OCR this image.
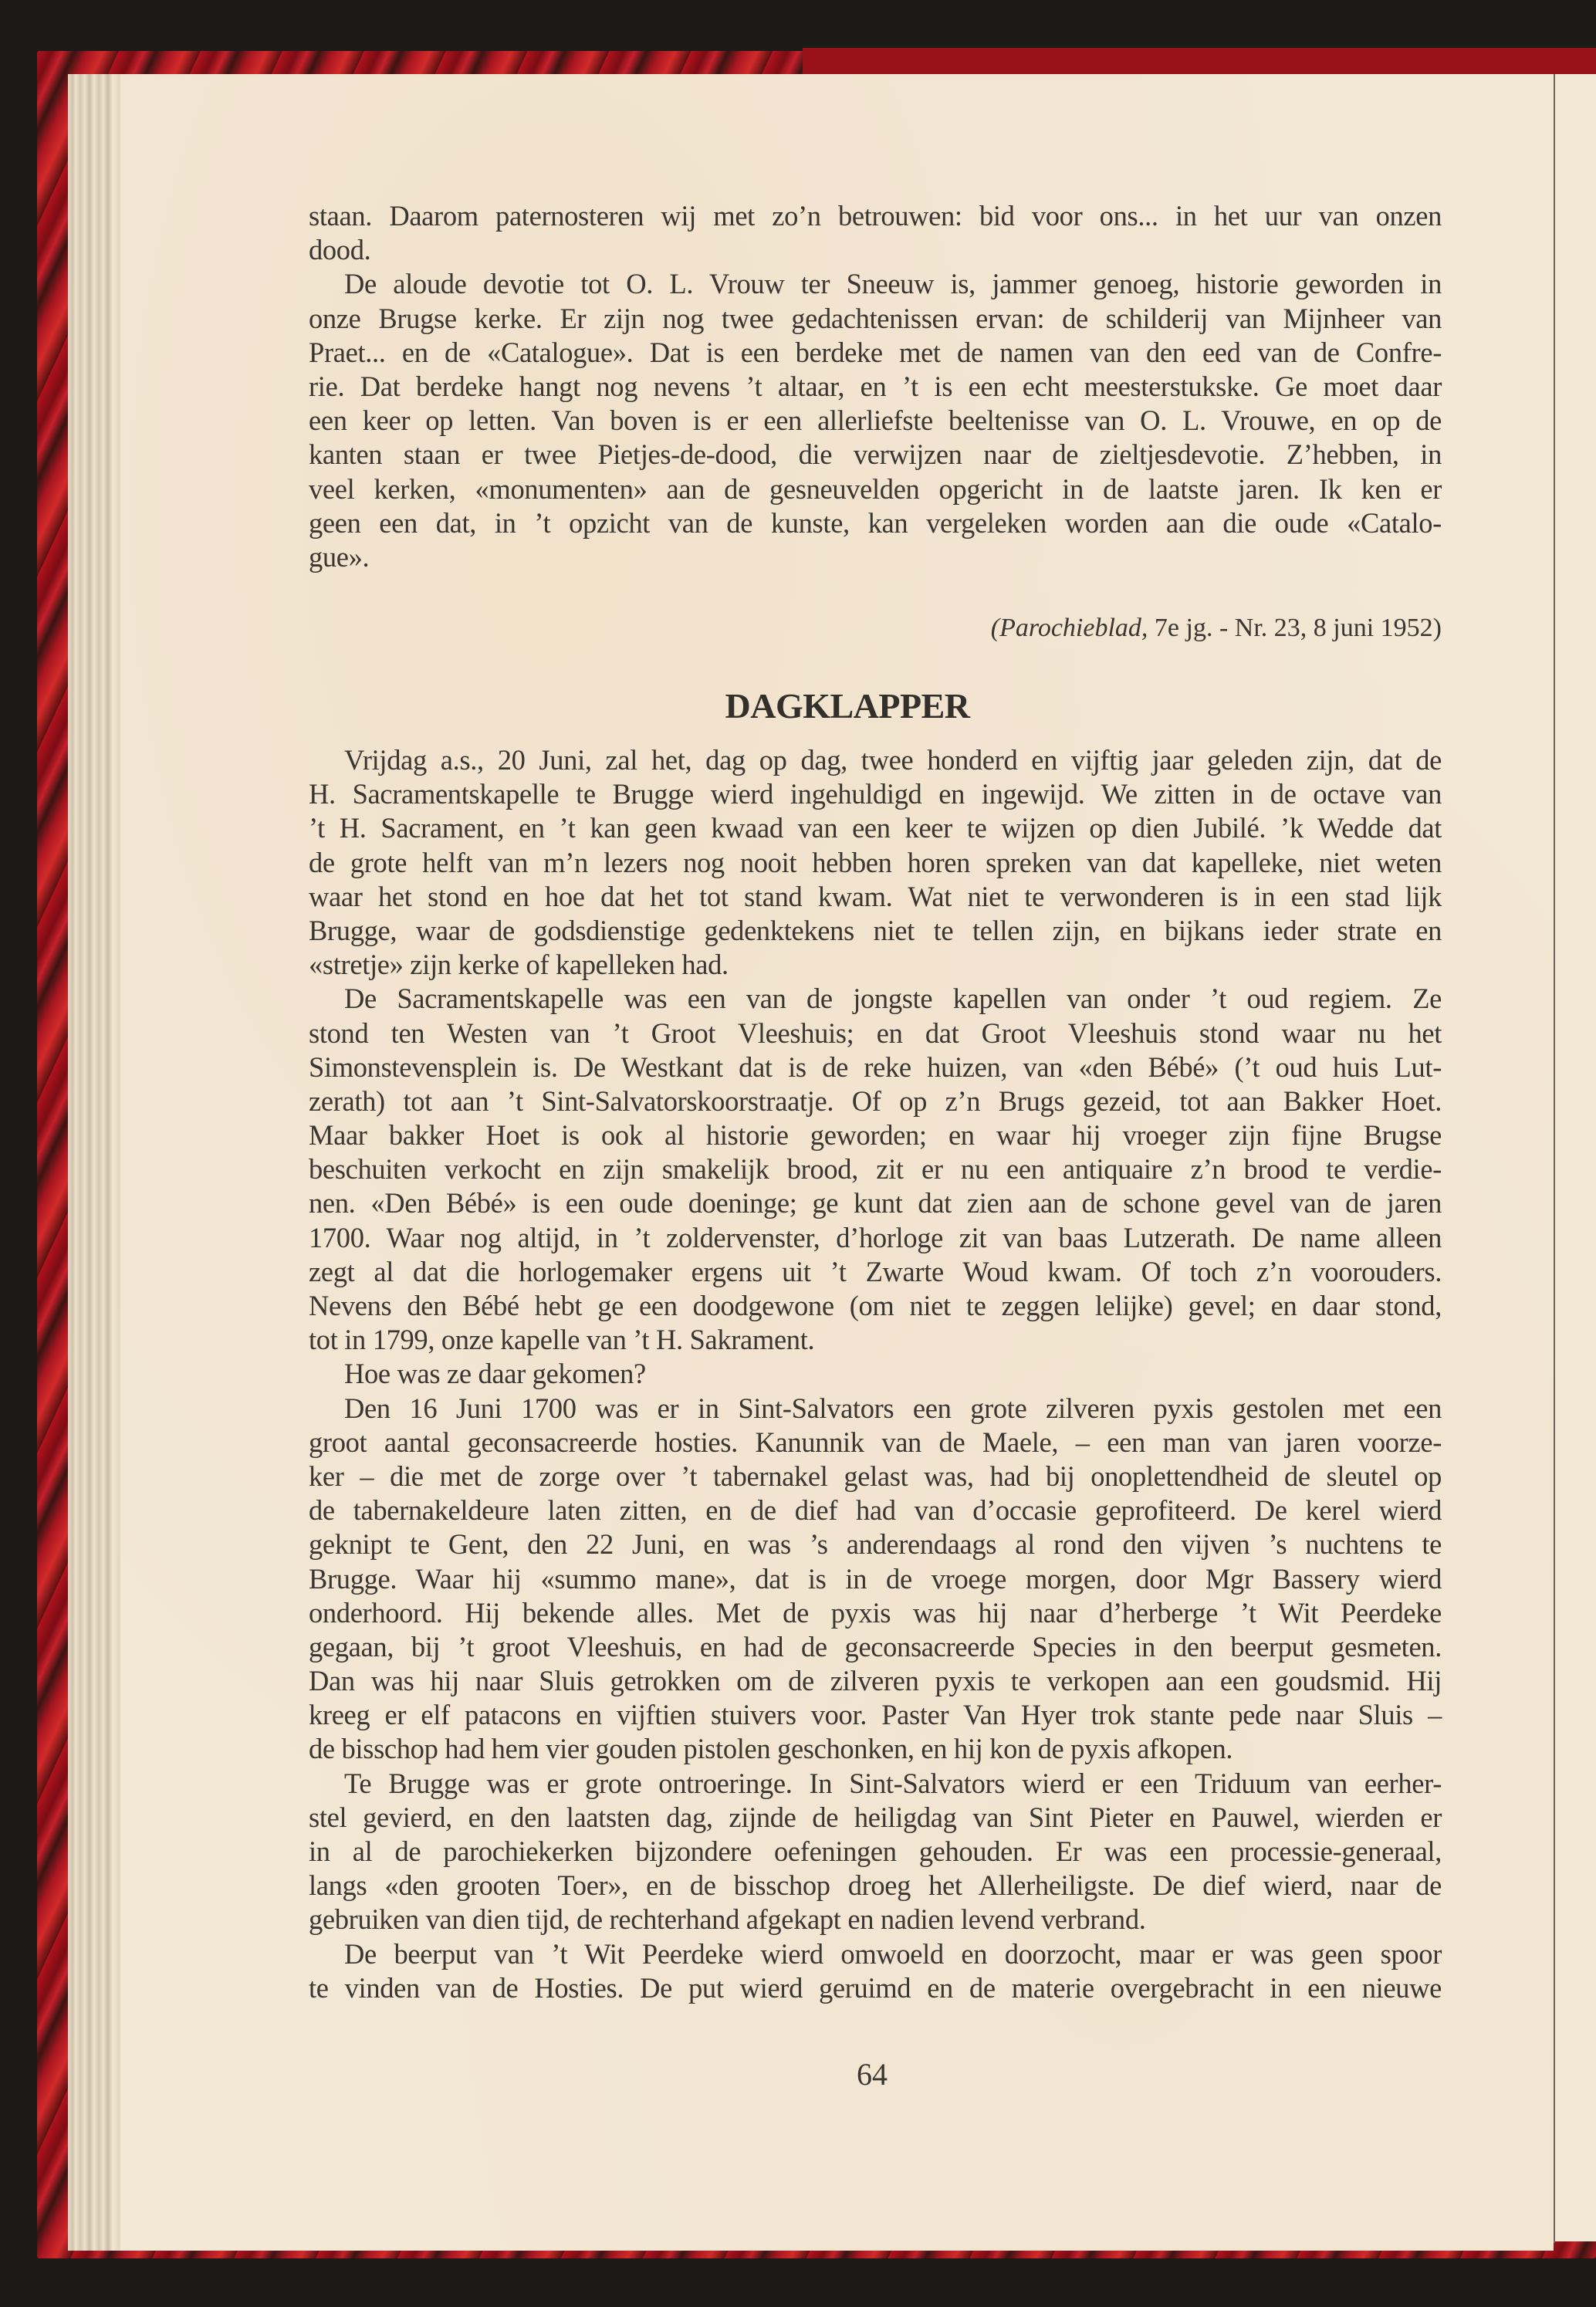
staan. Daarom paternosteren wij met zo’n betrouwen: bid voor ons... in het uur van onzen
dood.
De aloude devotie tot O. L. Vrouw ter Sneeuw is, jammer genoeg, historie geworden in
onze Brugse kerke. Er zijn nog twee gedachtenissen ervan: de schilderij van Mijnheer van
Praet... en de «Catalogue». Dat is een berdeke met de namen van den eed van de Confre-
rie. Dat berdeke hangt nog nevens ’t altaar, en ’t is een echt meesterstukske. Ge moet daar
een keer op letten. Van boven is er een allerliefste beeltenisse van O. L. Vrouwe, en op de
kanten staan er twee Pietjes-de-dood, die verwijzen naar de zieltjesdevotie. Z’hebben, in
veel kerken, «monumenten» aan de gesneuvelden opgericht in de laatste jaren. Ik ken er
geen een dat, in ’t opzicht van de kunste, kan vergeleken worden aan die oude «Catalo-
gue».
(Parochieblad, 7e jg. - Nr. 23, 8 juni 1952)
DAGKLAPPER
Vrijdag a.s., 20 Juni, zal het, dag op dag, twee honderd en vijftig jaar geleden zijn, dat de
H. Sacramentskapelle te Brugge wierd ingehuldigd en ingewijd. We zitten in de octave van
’t H. Sacrament, en ’t kan geen kwaad van een keer te wijzen op dien Jubilé. ’k Wedde dat
de grote helft van m’n lezers nog nooit hebben horen spreken van dat kapelleke, niet weten
waar het stond en hoe dat het tot stand kwam. Wat niet te verwonderen is in een stad lijk
Brugge, waar de godsdienstige gedenktekens niet te tellen zijn, en bijkans ieder strate en
«stretje» zijn kerke of kapelleken had.
De Sacramentskapelle was een van de jongste kapellen van onder ’t oud regiem. Ze
stond ten Westen van ’t Groot Vleeshuis; en dat Groot Vleeshuis stond waar nu het
Simonstevensplein is. De Westkant dat is de reke huizen, van «den Bébé» (’t oud huis Lut-
zerath) tot aan ’t Sint-Salvatorskoorstraatje. Of op z’n Brugs gezeid, tot aan Bakker Hoet.
Maar bakker Hoet is ook al historie geworden; en waar hij vroeger zijn fijne Brugse
beschuiten verkocht en zijn smakelijk brood, zit er nu een antiquaire z’n brood te verdie-
nen. «Den Bébé» is een oude doeninge; ge kunt dat zien aan de schone gevel van de jaren
1700. Waar nog altijd, in ’t zoldervenster, d’horloge zit van baas Lutzerath. De name alleen
zegt al dat die horlogemaker ergens uit ’t Zwarte Woud kwam. Of toch z’n voorouders.
Nevens den Bébé hebt ge een doodgewone (om niet te zeggen lelijke) gevel; en daar stond,
tot in 1799, onze kapelle van ’t H. Sakrament.
Hoe was ze daar gekomen?
Den 16 Juni 1700 was er in Sint-Salvators een grote zilveren pyxis gestolen met een
groot aantal geconsacreerde hosties. Kanunnik van de Maele, – een man van jaren voorze-
ker – die met de zorge over ’t tabernakel gelast was, had bij onoplettendheid de sleutel op
de tabernakeldeure laten zitten, en de dief had van d’occasie geprofiteerd. De kerel wierd
geknipt te Gent, den 22 Juni, en was ’s anderendaags al rond den vijven ’s nuchtens te
Brugge. Waar hij «summo mane», dat is in de vroege morgen, door Mgr Bassery wierd
onderhoord. Hij bekende alles. Met de pyxis was hij naar d’herberge ’t Wit Peerdeke
gegaan, bij ’t groot Vleeshuis, en had de geconsacreerde Species in den beerput gesmeten.
Dan was hij naar Sluis getrokken om de zilveren pyxis te verkopen aan een goudsmid. Hij
kreeg er elf patacons en vijftien stuivers voor. Paster Van Hyer trok stante pede naar Sluis –
de bisschop had hem vier gouden pistolen geschonken, en hij kon de pyxis afkopen.
Te Brugge was er grote ontroeringe. In Sint-Salvators wierd er een Triduum van eerher-
stel gevierd, en den laatsten dag, zijnde de heiligdag van Sint Pieter en Pauwel, wierden er
in al de parochiekerken bijzondere oefeningen gehouden. Er was een processie-generaal,
langs «den grooten Toer», en de bisschop droeg het Allerheiligste. De dief wierd, naar de
gebruiken van dien tijd, de rechterhand afgekapt en nadien levend verbrand.
De beerput van ’t Wit Peerdeke wierd omwoeld en doorzocht, maar er was geen spoor
te vinden van de Hosties. De put wierd geruimd en de materie overgebracht in een nieuwe
64
